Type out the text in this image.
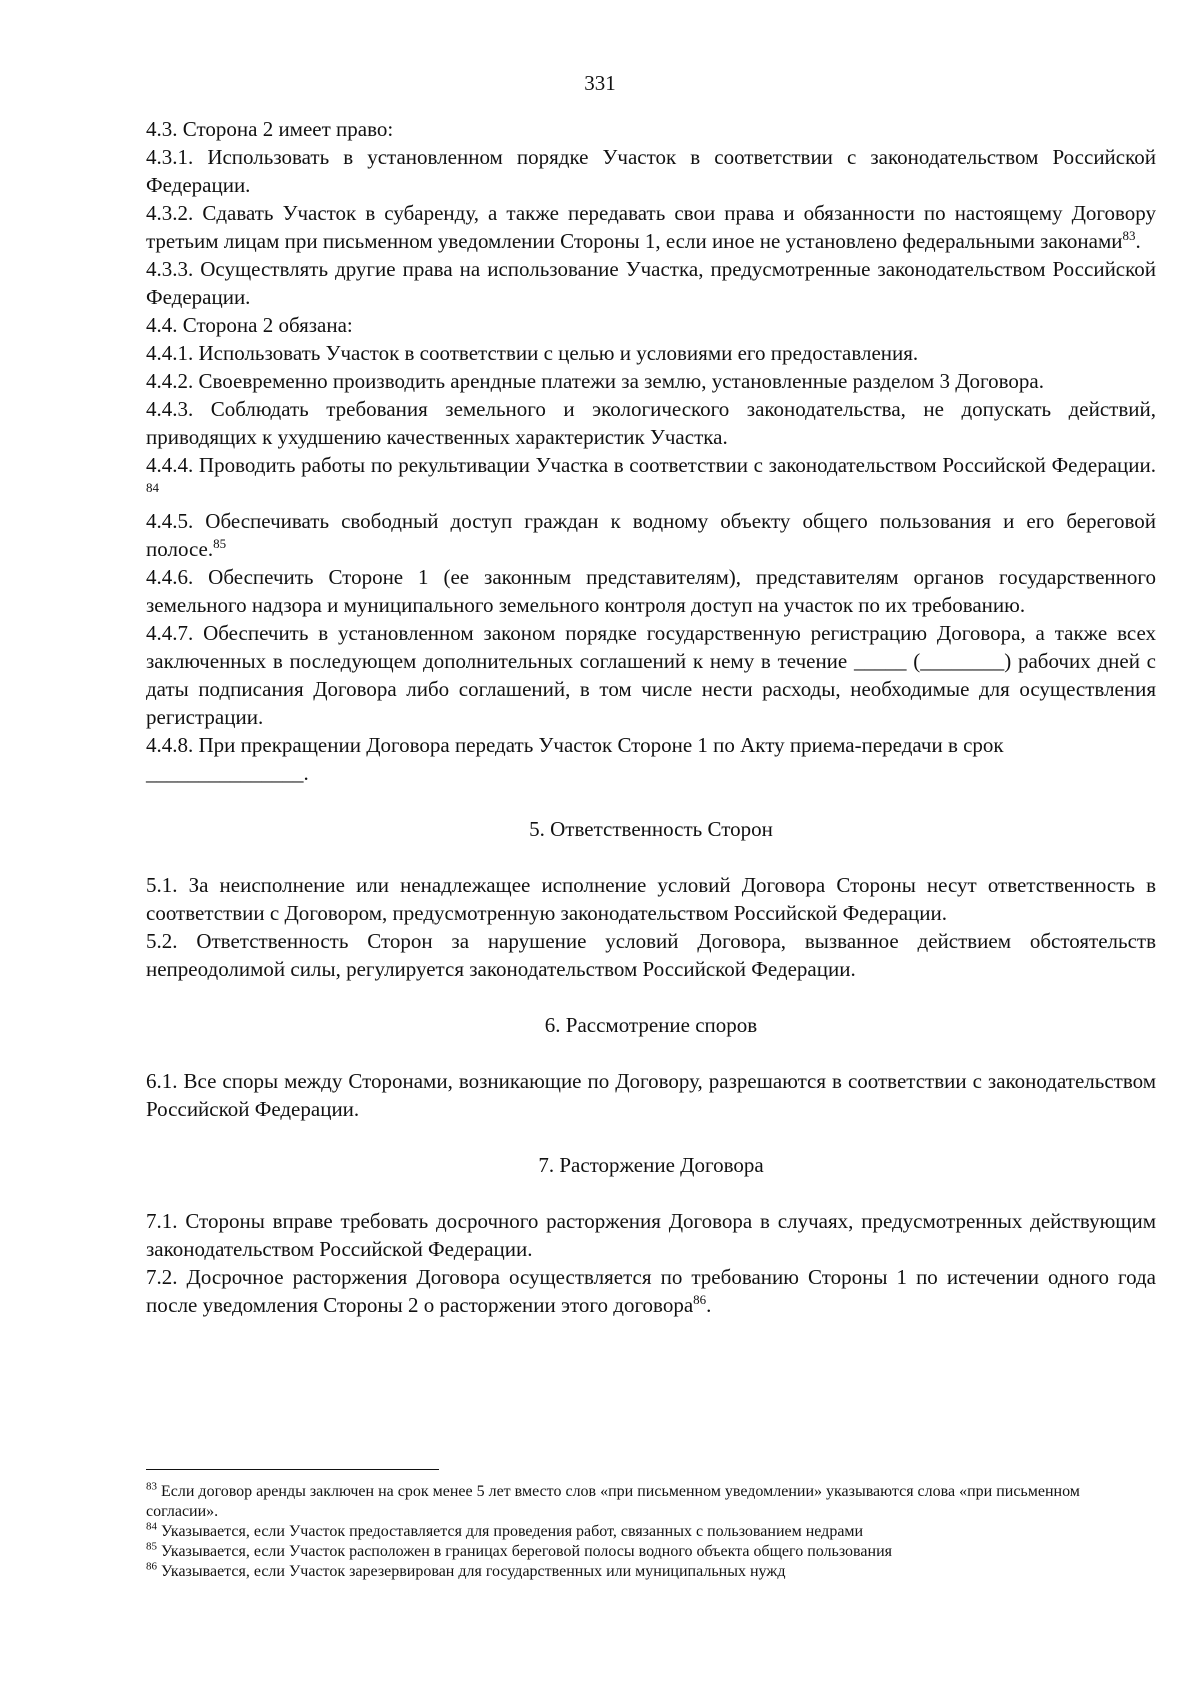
331

4.3. Сторона 2 имеет право:

4.3.1. Использовать в установленном порядке Участок в соответствии с законодательством Российской Федерации.

4.3.2. Сдавать Участок в субаренду, а также передавать свои права и обязанности по настоящему Договору третьим лицам при письменном уведомлении Стороны 1, если иное не установлено федеральными законами$^{83}$.

4.3.3. Осуществлять другие права на использование Участка, предусмотренные законодательством Российской Федерации.

4.4. Сторона 2 обязана:

4.4.1. Использовать Участок в соответствии с целью и условиями его предоставления.

4.4.2. Своевременно производить арендные платежи за землю, установленные разделом 3 Договора.

4.4.3. Соблюдать требования земельного и экологического законодательства, не допускать действий, приводящих к ухудшению качественных характеристик Участка.

4.4.4. Проводить работы по рекультивации Участка в соответствии с законодательством Российской Федерации. $^{84}$

4.4.5. Обеспечивать свободный доступ граждан к водному объекту общего пользования и его береговой полосе.$^{85}$

4.4.6. Обеспечить Стороне 1 (ее законным представителям), представителям органов государственного земельного надзора и муниципального земельного контроля доступ на участок по их требованию.

4.4.7. Обеспечить в установленном законом порядке государственную регистрацию Договора, а также всех заключенных в последующем дополнительных соглашений к нему в течение _____ (________) рабочих дней с даты подписания Договора либо соглашений, в том числе нести расходы, необходимые для осуществления регистрации.

4.4.8. При прекращении Договора передать Участок Стороне 1 по Акту приема-передачи в срок

_______________.

5. Ответственность Сторон

5.1. За неисполнение или ненадлежащее исполнение условий Договора Стороны несут ответственность в соответствии с Договором, предусмотренную законодательством Российской Федерации.

5.2. Ответственность Сторон за нарушение условий Договора, вызванное действием обстоятельств непреодолимой силы, регулируется законодательством Российской Федерации.

6. Рассмотрение споров

6.1. Все споры между Сторонами, возникающие по Договору, разрешаются в соответствии с законодательством Российской Федерации.

7. Расторжение Договора

7.1. Стороны вправе требовать досрочного расторжения Договора в случаях, предусмотренных действующим законодательством Российской Федерации.

7.2. Досрочное расторжения Договора осуществляется по требованию Стороны 1 по истечении одного года после уведомления Стороны 2 о расторжении этого договора$^{86}$.

$^{83}$ Если договор аренды заключен на срок менее 5 лет вместо слов «при письменном уведомлении» указываются слова «при письменном согласии».

$^{84}$ Указывается, если Участок предоставляется для проведения работ, связанных с пользованием недрами

$^{85}$ Указывается, если Участок расположен в границах береговой полосы водного объекта общего пользования

$^{86}$ Указывается, если Участок зарезервирован для государственных или муниципальных нужд
